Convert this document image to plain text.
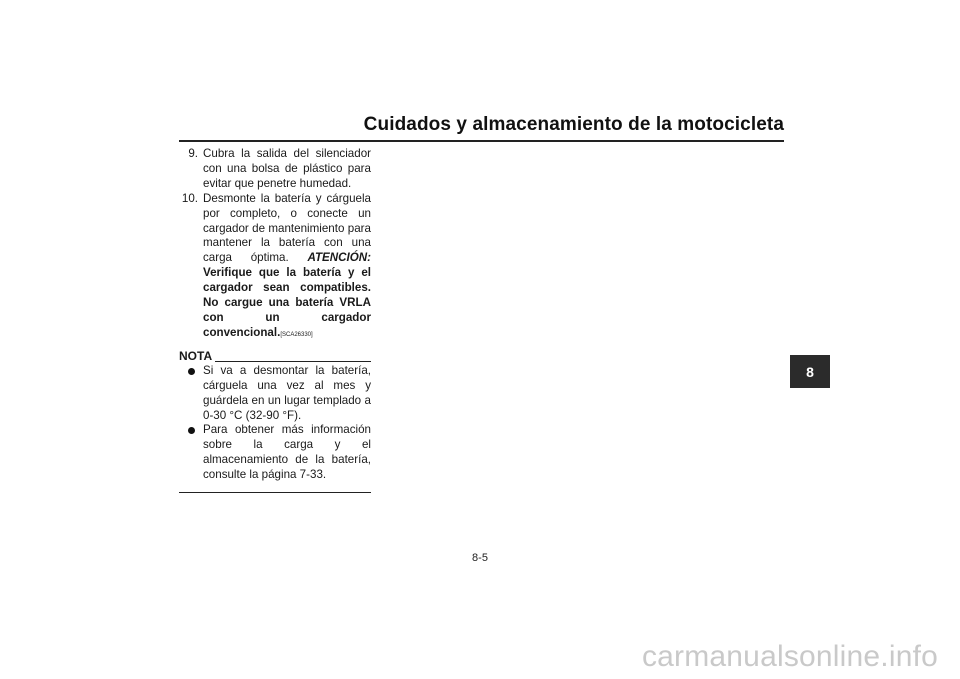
Cuidados y almacenamiento de la motocicleta
9. Cubra la salida del silenciador con una bolsa de plástico para evitar que penetre humedad.
10. Desmonte la batería y cárguela por completo, o conecte un cargador de mantenimiento para mantener la batería con una carga óptima. ATENCIÓN: Verifique que la batería y el cargador sean compatibles. No cargue una batería VRLA con un cargador convencional.[SCA26330]
NOTA
Si va a desmontar la batería, cárguela una vez al mes y guárdela en un lugar templado a 0-30 °C (32-90 °F).
Para obtener más información sobre la carga y el almacenamiento de la batería, consulte la página 7-33.
8
8-5
carmanualsonline.info
